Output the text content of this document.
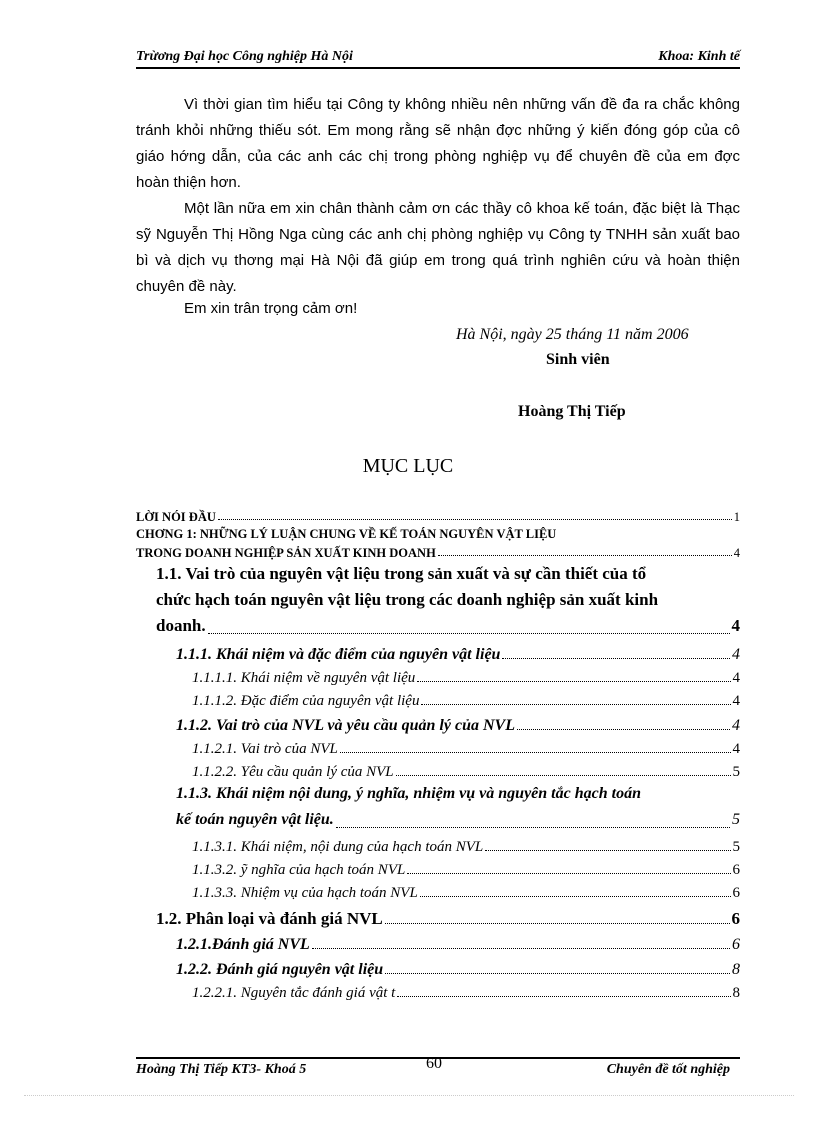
Trừơng Đại học Công nghiệp Hà Nội	Khoa: Kinh tế
Vì thời gian tìm hiểu tại Công ty không nhiều nên những vấn đề đa ra chắc không tránh khỏi những thiếu sót. Em mong rằng sẽ nhận đợc những ý kiến đóng góp của cô giáo hớng dẫn, của các anh các chị trong phòng nghiệp vụ để chuyên đề của em đợc hoàn thiện hơn.
Một lần nữa em xin chân thành cảm ơn các thầy cô khoa kế toán, đặc biệt là Thạc sỹ Nguyễn Thị Hồng Nga cùng các anh chị phòng nghiệp vụ Công ty TNHH sản xuất bao bì và dịch vụ thơng mại Hà Nội đã giúp em trong quá trình nghiên cứu và hoàn thiện chuyên đề này.
Em xin trân trọng cảm ơn!
Hà Nội, ngày 25 tháng 11 năm 2006
Sinh viên
Hoàng Thị Tiếp
MỤC LỤC
LỜI NÓI ĐẦU	1
CHƠNG 1: NHỮNG LÝ LUẬN CHUNG VỀ KẾ TOÁN NGUYÊN VẬT LIỆU
TRONG DOANH NGHIỆP SẢN XUẤT KINH DOANH	4
1.1. Vai trò của nguyên vật liệu trong sản xuất và sự cần thiết của tổ
chức hạch toán nguyên vật liệu trong các doanh nghiệp sản xuất kinh
doanh.	4
1.1.1. Khái niệm và đặc điểm của nguyên vật liệu	4
1.1.1.1. Khái niệm về nguyên vật liệu	4
1.1.1.2. Đặc điểm của nguyên vật liệu	4
1.1.2. Vai trò của NVL và yêu cầu quản lý của NVL	4
1.1.2.1. Vai trò của NVL	4
1.1.2.2. Yêu cầu quản lý của NVL	5
1.1.3. Khái niệm nội dung, ý nghĩa, nhiệm vụ và nguyên tắc hạch toán
kế toán nguyên vật liệu.	5
1.1.3.1. Khái niệm, nội dung của hạch toán NVL	5
1.1.3.2. ỹ nghĩa của hạch toán NVL	6
1.1.3.3. Nhiệm vụ của hạch toán NVL	6
1.2. Phân loại và đánh giá NVL	6
1.2.1.Đánh giá NVL	6
1.2.2. Đánh giá nguyên vật liệu	8
1.2.2.1. Nguyên tắc đánh giá vật t	8
Hoàng Thị Tiếp KT3- Khoá 5	60	Chuyên đề tốt nghiệp
